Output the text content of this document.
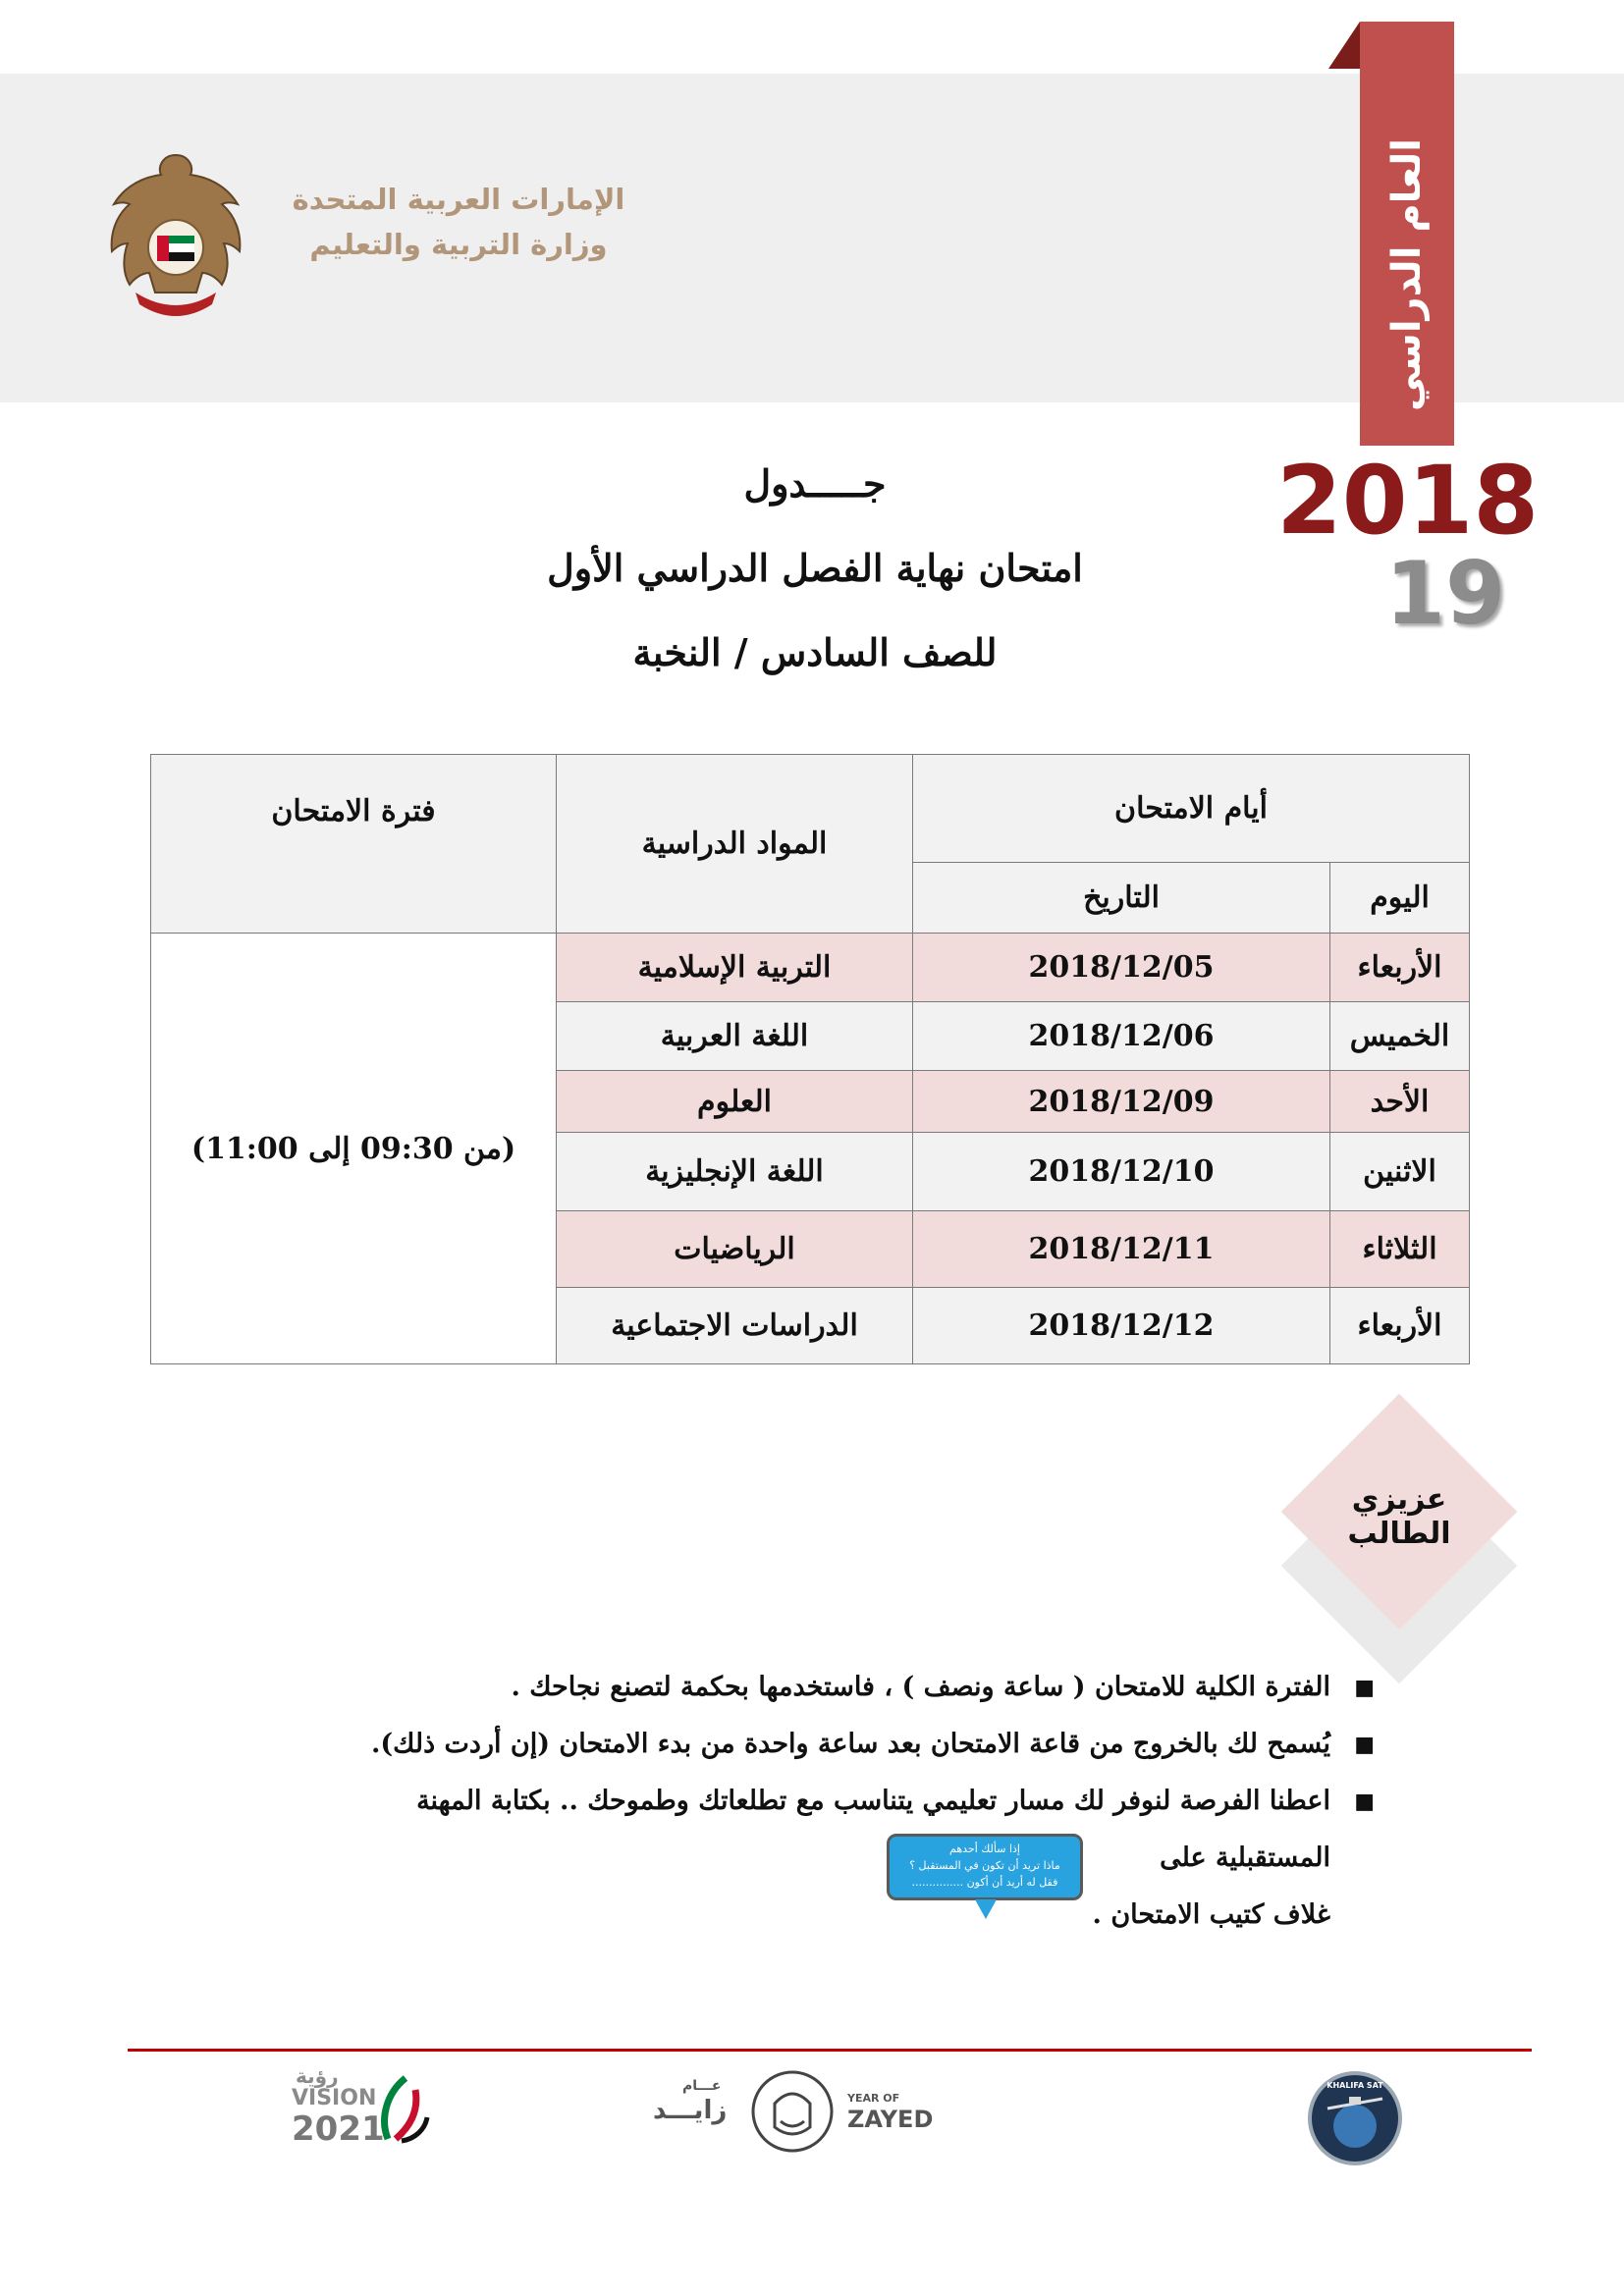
الإمارات العربية المتحدة
وزارة التربية والتعليم	العام الدراسي
2018
19
جـــــدول
امتحان نهاية الفصل الدراسي الأول
للصف السادس / النخبة
أيام الامتحان		المواد الدراسية	فترة الامتحان
اليوم	التاريخ		
الأربعاء	2018/12/05	التربية الإسلامية	(من 09:30 إلى 11:00)
الخميس	2018/12/06	اللغة العربية	
الأحد	2018/12/09	العلوم	
الاثنين	2018/12/10	اللغة الإنجليزية	
الثلاثاء	2018/12/11	الرياضيات	
الأربعاء	2018/12/12	الدراسات الاجتماعية	
عزيزي الطالب
■
الفترة الكلية للامتحان ( ساعة ونصف ) ، فاستخدمها بحكمة لتصنع نجاحك .
■
يُسمح لك بالخروج من قاعة الامتحان بعد ساعة واحدة من بدء الامتحان (إن أردت ذلك).
■
اعطنا الفرصة لنوفر لك مسار تعليمي يتناسب مع تطلعاتك وطموحك .. بكتابة المهنة المستقبلية على
غلاف كتيب الامتحان .
إذا سألك أحدهم
ماذا تريد أن تكون في المستقبل ؟
فقل له أريد أن أكون ...............
رؤية
VISION
2021
عـــام
زايـــد	YEAR OF
ZAYED
KHALIFA SAT
